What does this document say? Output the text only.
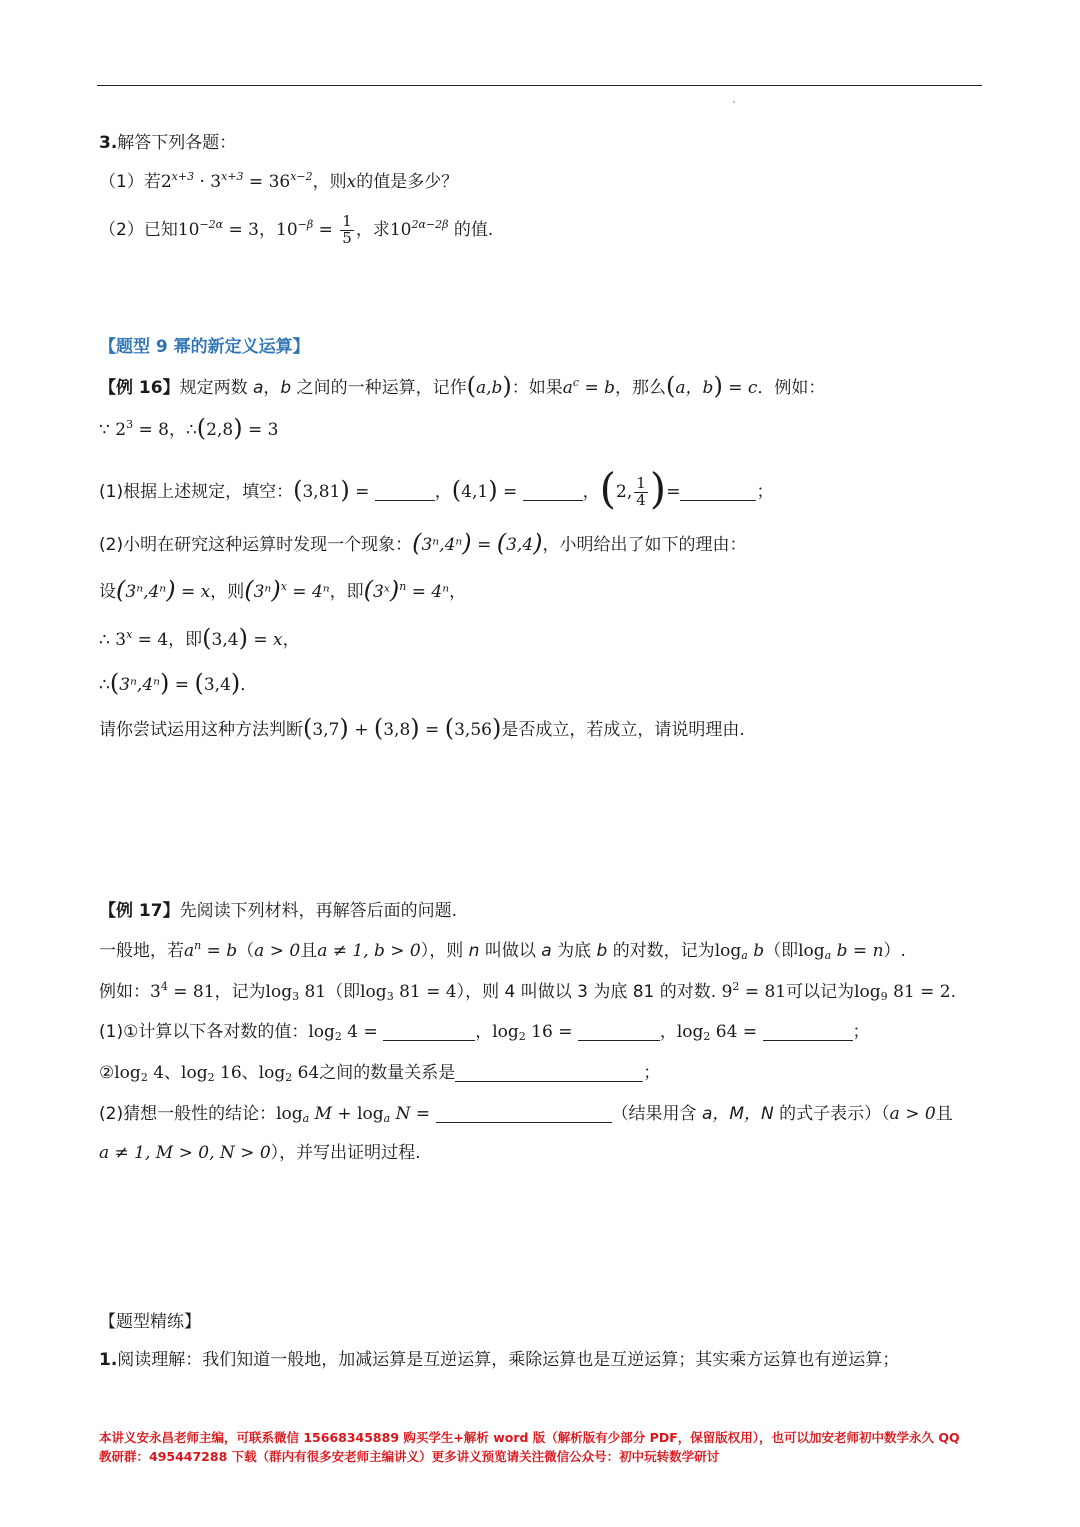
3.解答下列各题：
（1）若$2^{x+3} \cdot 3^{x+3} = 36^{x-2}$，则x的值是多少？
（2）已知$10^{-2\alpha} = 3$，$10^{-\beta} = \frac{1}{5}$ ，求$10^{2\alpha-2\beta}$ 的值.
【题型 9 幂的新定义运算】
【例 16】规定两数 a，b 之间的一种运算，记作(a,b)：如果$a^c = b$，那么(a，b) = c．例如：
∵ $2^3 = 8$，∴(2,8) = 3
(1)根据上述规定，填空：(3,81) =	，(4,1) =	，(2, $\frac{1}{4}$ )=	；
(2)小明在研究这种运算时发现一个现象：(3ⁿ,4ⁿ) = (3,4)，小明给出了如下的理由：
设(3ⁿ,4ⁿ) = x，则$(3^n)^x = 4^n$，即(3ˣ)$^n$ = 4ⁿ，
∴ $3^x = 4$，即(3,4) = x，
∴(3ⁿ,4ⁿ) = (3,4)．
请你尝试运用这种方法判断(3,7) + (3,8) = (3,56)是否成立，若成立，请说明理由.
【例 17】先阅读下列材料，再解答后面的问题.
一般地，若$a^n = b(a > 0$且a ≠ 1, b > 0），则 n 叫做以 a 为底 b 的对数，记为$\log_a b$（即$\log_a b = n$）.
例如：$3^4 = 81$，记为$\log_3 81$（即$\log_3 81 = 4$），则 4 叫做以 3 为底 81 的对数. $9^2 = 81$可以记为$\log_9 81 = 2$.
(1)①计算以下各对数的值：$\log_2 4$ =	，$\log_2 16$ =	，$\log_2 64$ =	；
$②\log_2$ 4、$\log_2 16$、$\log_2 64$之间的数量关系是	；
(2)猜想一般性的结论：$\log_a M + \log_a N$ =	（结果用含 a，M，N 的式子表示）（a > 0且
a ≠ 1, M > 0, N > 0），并写出证明过程.
【题型精练】
1.阅读理解：我们知道一般地，加减运算是互逆运算，乘除运算也是互逆运算；其实乘方运算也有逆运算；
本讲义安永昌老师主编，可联系微信 15668345889 购买学生+解析 word 版（解析版有少部分 PDF，保留版权用），也可以加安老师初中数学永久 QQ
教研群：495447288 下载（群内有很多安老师主编讲义）更多讲义预览请关注微信公众号：初中玩转数学研讨
